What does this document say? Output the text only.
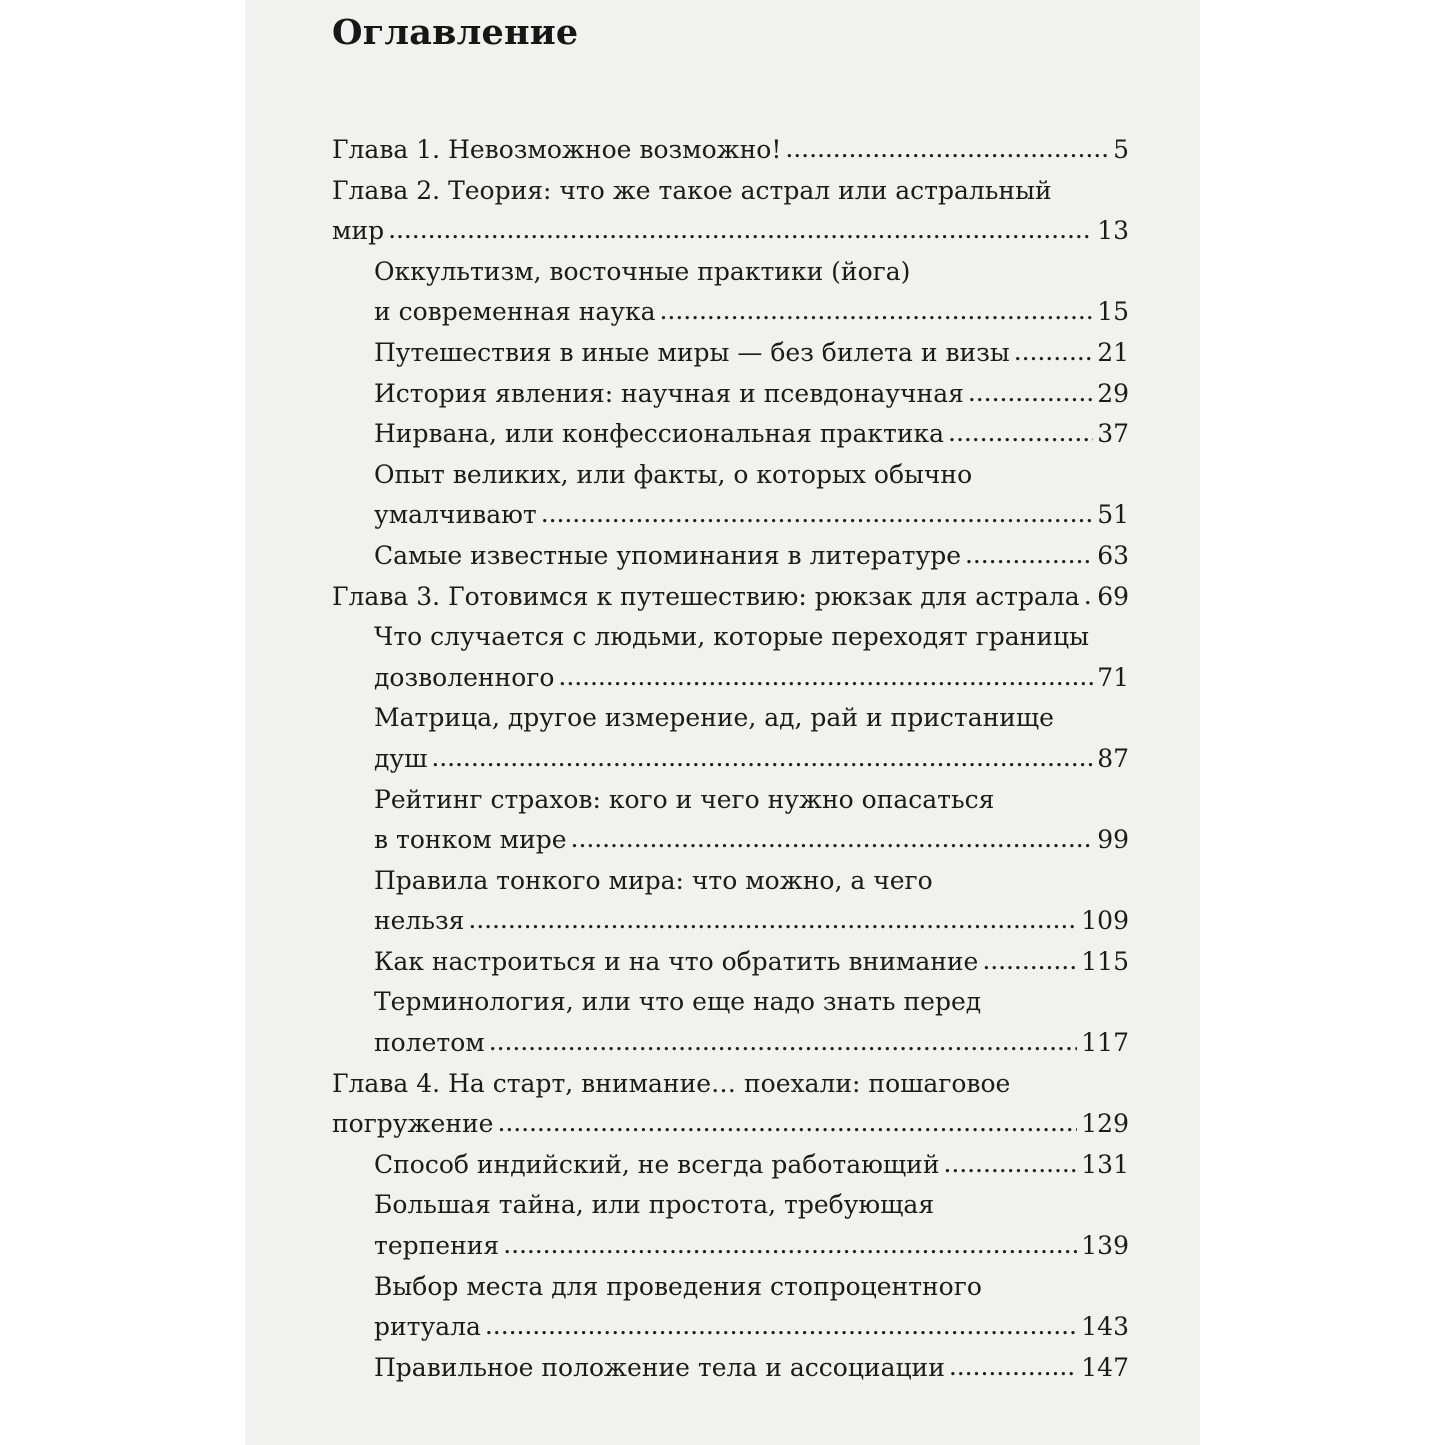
Оглавление
Глава 1. Невозможное возможно! . . .	5
Глава 2. Теория: что же такое астрал или астральный
мир . . .	13
Оккультизм, восточные практики (йога)
и современная наука . . .	15
Путешествия в иные миры — без билета и визы . . .	21
История явления: научная и псевдонаучная . . .	29
Нирвана, или конфессиональная практика . . .	37
Опыт великих, или факты, о которых обычно
умалчивают . . .	51
Самые известные упоминания в литературе . . .	63
Глава 3. Готовимся к путешествию: рюкзак для астрала . . . 69
Что случается с людьми, которые переходят границы
дозволенного . . .	71
Матрица, другое измерение, ад, рай и пристанище
душ . . .	87
Рейтинг страхов: кого и чего нужно опасаться
в тонком мире . . .	99
Правила тонкого мира: что можно, а чего
нельзя . . .	109
Как настроиться и на что обратить внимание . . .	115
Терминология, или что еще надо знать перед
полетом . . .	117
Глава 4. На старт, внимание… поехали: пошаговое
погружение . . .	129
Способ индийский, не всегда работающий . . .	131
Большая тайна, или простота, требующая
терпения . . .	139
Выбор места для проведения стопроцентного
ритуала . . .	143
Правильное положение тела и ассоциации . . .	147
